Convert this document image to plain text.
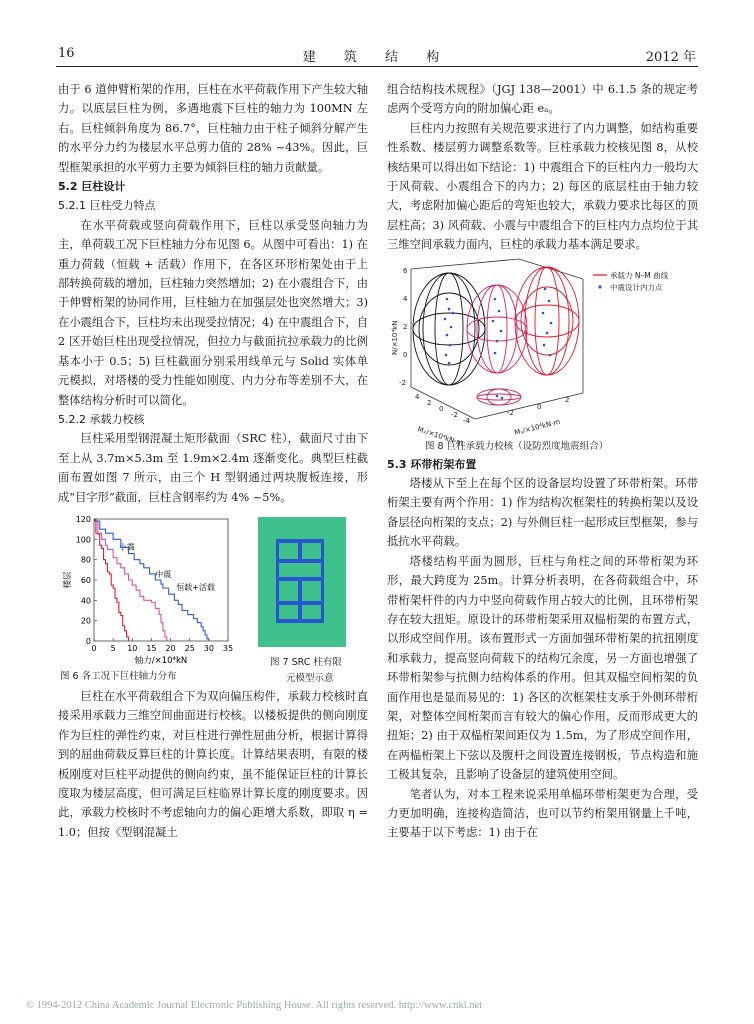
16	建 筑 结 构	2012 年

由于 6 道伸臂桁架的作用，巨柱在水平荷载作用下产生较大轴力。以底层巨柱为例，多遇地震下巨柱的轴力为 100MN 左右。巨柱倾斜角度为 86.7°，巨柱轴力由于柱子倾斜分解产生的水平分力约为楼层水平总剪力值的 28% ~43%。因此，巨型框架承担的水平剪力主要为倾斜巨柱的轴力贡献量。

5.2 巨柱设计
5.2.1 巨柱受力特点

在水平荷载或竖向荷载作用下，巨柱以承受竖向轴力为主，单荷载工况下巨柱轴力分布见图 6。从图中可看出：1) 在重力荷载（恒载 + 活载）作用下，在各区环形桁架处由于上部转换荷载的增加，巨柱轴力突然增加；2) 在小震组合下，由于伸臂桁架的协同作用，巨柱轴力在加强层处也突然增大；3) 在小震组合下，巨柱均未出现受拉情况；4) 在中震组合下，自 2 区开始巨柱出现受拉情况，但拉力与截面抗拉承载力的比例基本小于 0.5；5) 巨柱截面分别采用线单元与 Solid 实体单元模拟，对塔楼的受力性能如刚度、内力分布等差别不大，在整体结构分析时可以简化。

5.2.2 承载力校核

巨柱采用型钢混凝土矩形截面（SRC 柱），截面尺寸由下至上从 3.7m×5.3m 至 1.9m×2.4m 逐渐变化。典型巨柱截面布置如图 7 所示，由三个 H 型钢通过两块腹板连接，形成“目字形”截面，巨柱含钢率约为 4% ~5%。

0 5 10 15 20 25 30 35
0
20
40
60
80
100
120
轴力/×10⁴kN
楼层
小震
中震
恒载+活载
图 6 各工况下巨柱轴力分布
图 7 SRC 柱有限
元模型示意

巨柱在水平荷载组合下为双向偏压构件，承载力校核时直接采用承载力三维空间曲面进行校核。以楼板提供的侧向刚度作为巨柱的弹性约束，对巨柱进行弹性屈曲分析，根据计算得到的屈曲荷载反算巨柱的计算长度。计算结果表明，有限的楼板刚度对巨柱平动提供的侧向约束，虽不能保证巨柱的计算长度取为楼层高度，但可满足巨柱临界计算长度的刚度要求。因此，承载力校核时不考虑轴向力的偏心距增大系数，即取 η = 1.0；但按《型钢混凝土

组合结构技术规程》（JGJ 138—2001）中 6.1.5 条的规定考虑两个受弯方向的附加偏心距 eₐ。

巨柱内力按照有关规范要求进行了内力调整，如结构重要性系数、楼层剪力调整系数等。巨柱承载力校核见图 8，从校核结果可以得出如下结论：1) 中震组合下的巨柱内力一般均大于风荷载、小震组合下的内力；2) 每区的底层柱由于轴力较大，考虑附加偏心距后的弯矩也较大，承载力要求比每区的顶层柱高；3) 风荷载、小震与中震组合下的巨柱内力点均位于其三维空间承载力面内，巨柱的承载力基本满足要求。

6
4
2
0
-2
4
2
0
-2
-4
-2
0
2
N/×10⁴kN
Mₓ/×10⁴kN·m	Mᵧ/×10⁴kN·m
承载力 N–M 曲线
中震设计内力点
图 8 巨柱承载力校核（设防烈度地震组合）
5.3 环带桁架布置

塔楼从下至上在每个区的设备层均设置了环带桁架。环带桁架主要有两个作用：1) 作为结构次框架柱的转换桁架以及设备层径向桁架的支点；2) 与外侧巨柱一起形成巨型框架，参与抵抗水平荷载。

塔楼结构平面为圆形，巨柱与角柱之间的环带桁架为环形，最大跨度为 25m。计算分析表明，在各荷载组合中，环带桁架杆件的内力中竖向荷载作用占较大的比例，且环带桁架存在较大扭矩。原设计的环带桁架采用双榀桁架的布置方式，以形成空间作用。该布置形式一方面加强环带桁架的抗扭刚度和承载力，提高竖向荷载下的结构冗余度，另一方面也增强了环带桁架参与抗侧力结构体系的作用。但其双榀空间桁架的负面作用也是显而易见的：1) 各区的次框架柱支承于外侧环带桁架，对整体空间桁架而言有较大的偏心作用，反而形成更大的扭矩；2) 由于双榀桁架间距仅为 1.5m，为了形成空间作用，在两榀桁架上下弦以及腹杆之间设置连接钢板，节点构造和施工极其复杂，且影响了设备层的建筑使用空间。

笔者认为，对本工程来说采用单榀环带桁架更为合理，受力更加明确，连接构造简洁，也可以节约桁架用钢量上千吨，主要基于以下考虑：1) 由于在

© 1994-2012 China Academic Journal Electronic Publishing House. All rights reserved. http://www.cnki.net
